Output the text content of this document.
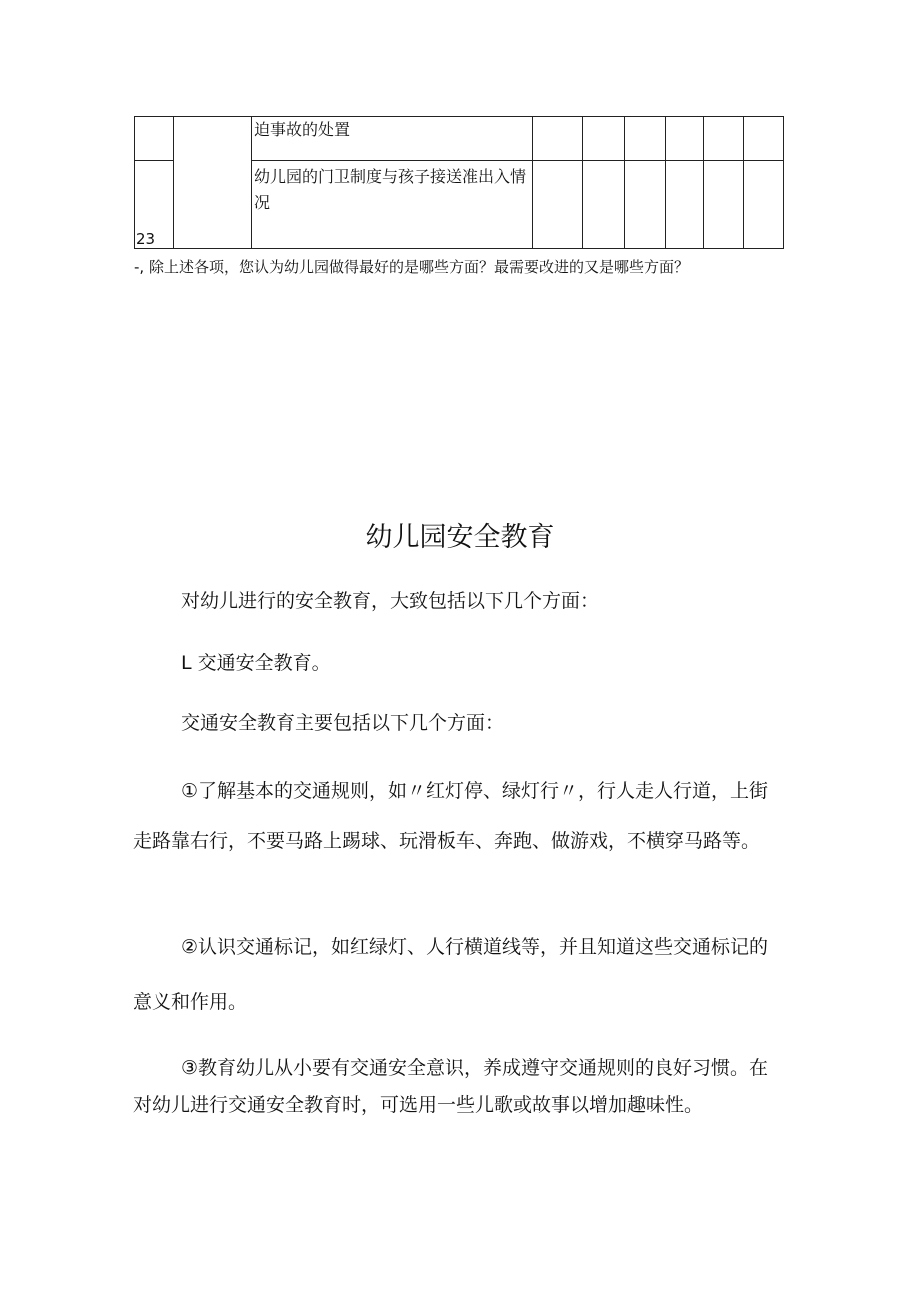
		迫事故的处置						

23		幼儿园的门卫制度与孩子接送准出入情况						
-, 除上述各项，您认为幼儿园做得最好的是哪些方面？最需要改进的又是哪些方面？
幼儿园安全教育

对幼儿进行的安全教育，大致包括以下几个方面：

L 交通安全教育。

交通安全教育主要包括以下几个方面：

①了解基本的交通规则，如〃红灯停、绿灯行〃，行人走人行道，上街走路靠右行，不要马路上踢球、玩滑板车、奔跑、做游戏，不横穿马路等。

②认识交通标记，如红绿灯、人行横道线等，并且知道这些交通标记的意义和作用。

③教育幼儿从小要有交通安全意识，养成遵守交通规则的良好习惯。在对幼儿进行交通安全教育时，可选用一些儿歌或故事以增加趣味性。
